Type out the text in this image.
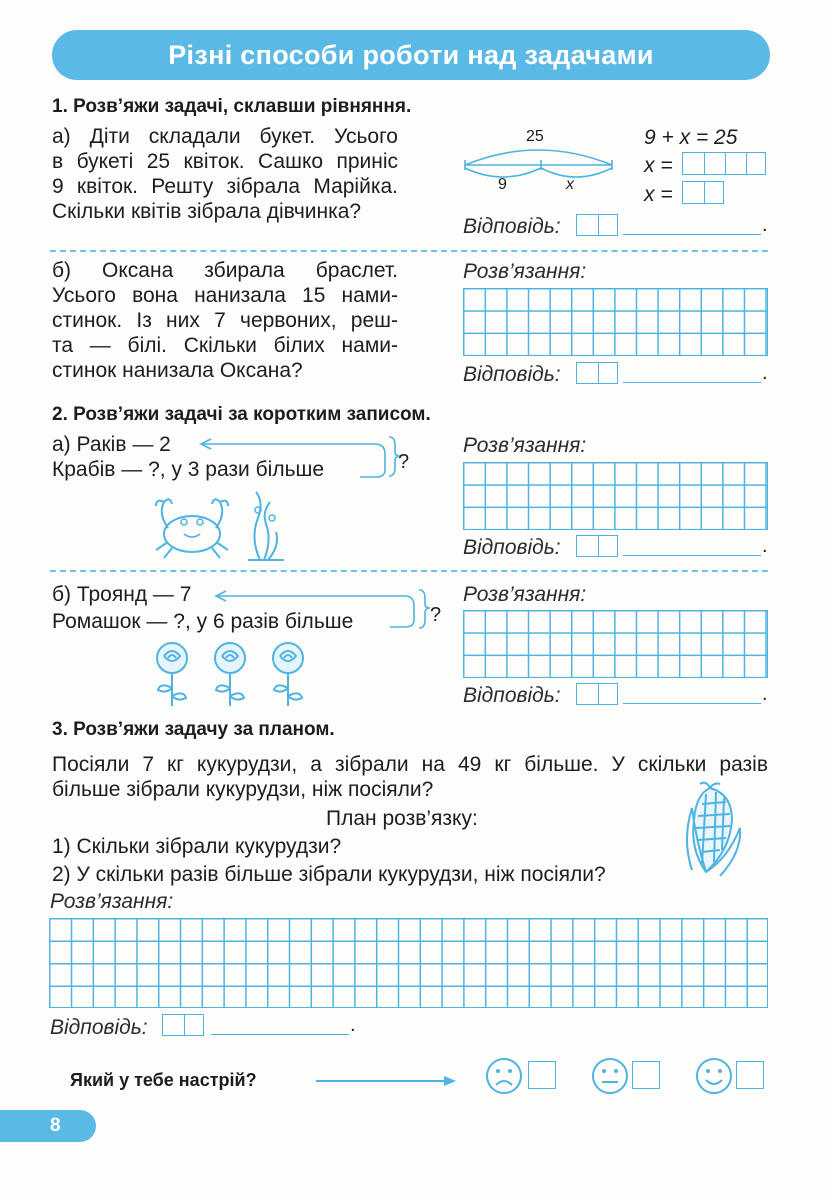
Різні способи роботи над задачами
1. Розв’яжи задачі, склавши рівняння.
а) Діти складали букет. Усього
в букеті 25 квіток. Сашко приніс
9 квіток. Решту зібрала Марійка.
Скільки квітів зібрала дівчинка?
25
9	x
9 + x = 25
x =
x =
Відповідь:	.
б) Оксана збирала браслет.
Усього вона нанизала 15 нами-
стинок. Із них 7 червоних, реш-
та — білі. Скільки білих нами-
стинок нанизала Оксана?
Розв’язання:
Відповідь:	.
2. Розв’яжи задачі за коротким записом.
а) Раків — 2
Крабів — ?, у 3 рази більше	?
Розв’язання:
Відповідь:	.
б) Троянд — 7
Ромашок — ?, у 6 разів більше	?
Розв’язання:
Відповідь:	.
3. Розв’яжи задачу за планом.
Посіяли 7 кг кукурудзи, а зібрали на 49 кг більше. У скільки разів
більше зібрали кукурудзи, ніж посіяли?
План розв’язку:
1) Скільки зібрали кукурудзи?
2) У скільки разів більше зібрали кукурудзи, ніж посіяли?
Розв’язання:
Відповідь:	.
Який у тебе настрій?
8
